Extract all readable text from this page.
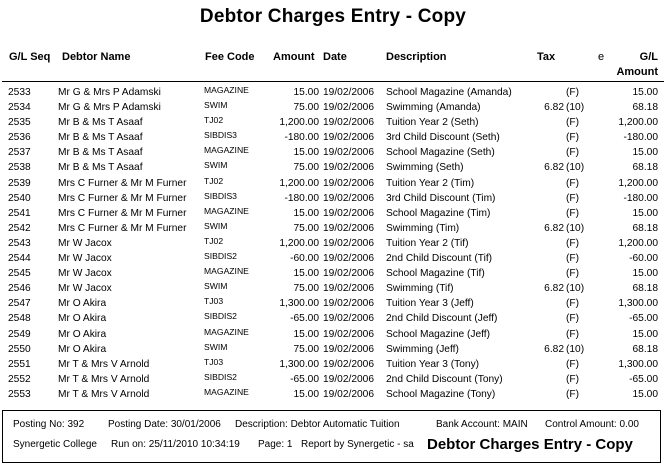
Debtor Charges Entry - Copy
G/L Seq Debtor Name	Fee Code Amount Date	Description	Tax	e	G/L
Amount
2533	Mr G & Mrs P Adamski	MAGAZINE	15.00 19/02/2006 School Magazine (Amanda)	(F)	15.00
2534	Mr G & Mrs P Adamski	SWIM	75.00 19/02/2006 Swimming (Amanda)	6.82 (10)	68.18
2535	Mr B & Ms T Asaaf	TJ02	1,200.00 19/02/2006 Tuition Year 2 (Seth)	(F)	1,200.00
2536	Mr B & Ms T Asaaf	SIBDIS3	-180.00 19/02/2006 3rd Child Discount (Seth)	(F)	-180.00
2537	Mr B & Ms T Asaaf	MAGAZINE	15.00 19/02/2006 School Magazine (Seth)	(F)	15.00
2538	Mr B & Ms T Asaaf	SWIM	75.00 19/02/2006 Swimming (Seth)	6.82 (10)	68.18
2539	Mrs C Furner & Mr M Furner TJ02	1,200.00 19/02/2006 Tuition Year 2 (Tim)	(F)	1,200.00
2540	Mrs C Furner & Mr M Furner SIBDIS3	-180.00 19/02/2006 3rd Child Discount (Tim)	(F)	-180.00
2541	Mrs C Furner & Mr M Furner MAGAZINE	15.00 19/02/2006 School Magazine (Tim)	(F)	15.00
2542	Mrs C Furner & Mr M Furner SWIM	75.00 19/02/2006 Swimming (Tim)	6.82 (10)	68.18
2543	Mr W Jacox	TJ02	1,200.00 19/02/2006 Tuition Year 2 (Tif)	(F)	1,200.00
2544	Mr W Jacox	SIBDIS2	-60.00 19/02/2006 2nd Child Discount (Tif)	(F)	-60.00
2545	Mr W Jacox	MAGAZINE	15.00 19/02/2006 School Magazine (Tif)	(F)	15.00
2546	Mr W Jacox	SWIM	75.00 19/02/2006 Swimming (Tif)	6.82 (10)	68.18
2547	Mr O Akira	TJ03	1,300.00 19/02/2006 Tuition Year 3 (Jeff)	(F)	1,300.00
2548	Mr O Akira	SIBDIS2	-65.00 19/02/2006 2nd Child Discount (Jeff)	(F)	-65.00
2549	Mr O Akira	MAGAZINE	15.00 19/02/2006 School Magazine (Jeff)	(F)	15.00
2550	Mr O Akira	SWIM	75.00 19/02/2006 Swimming (Jeff)	6.82 (10)	68.18
2551	Mr T & Mrs V Arnold	TJ03	1,300.00 19/02/2006 Tuition Year 3 (Tony)	(F)	1,300.00
2552	Mr T & Mrs V Arnold	SIBDIS2	-65.00 19/02/2006 2nd Child Discount (Tony)	(F)	-65.00
2553	Mr T & Mrs V Arnold	MAGAZINE	15.00 19/02/2006 School Magazine (Tony)	(F)	15.00
Posting No: 392 Posting Date: 30/01/2006 Description: Debtor Automatic Tuition	Bank Account: MAIN Control Amount: 0.00
Synergetic College Run on: 25/11/2010 10:34:19 Page: 1 Report by Synergetic - sa Debtor Charges Entry - Copy
